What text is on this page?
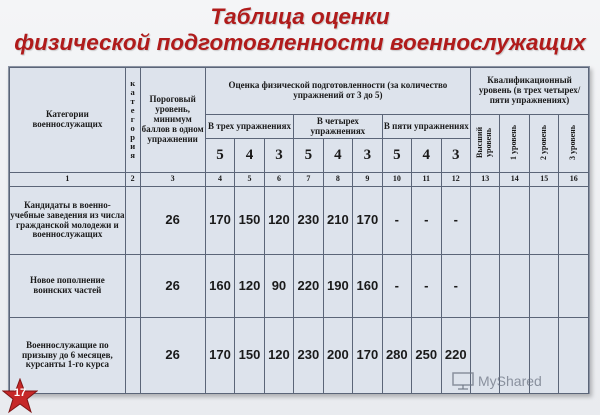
Таблица оценки
физической подготовленности военнослужащих
Категории военнослужащих	категория	Пороговый уровень, минимум баллов в одном упражнении	Оценка физической подготовленности (за количество упражнений от 3 до 5)									Квалификационный уровень (в трех четырех/пяти упражнениях)			
			В трех упражнениях			В четырех упражнениях			В пяти упражнениях			Высший уровень	1 уровень	2 уровень	3 уровень
			5	4	3	5	4	3	5	4	3				
1	2	3	4	5	6	7	8	9	10	11	12	13	14	15	16
Кандидаты в военно-учебные заведения из числа гражданской молодежи и военнослужащих		26	170	150	120	230	210	170	-	-	-				
Новое пополнение воинских частей		26	160	120	90	220	190	160	-	-	-				
Военнослужащие по призыву до 6 месяцев, курсанты 1-го курса		26	170	150	120	230	200	170	280	250	220				
17
MyShared
